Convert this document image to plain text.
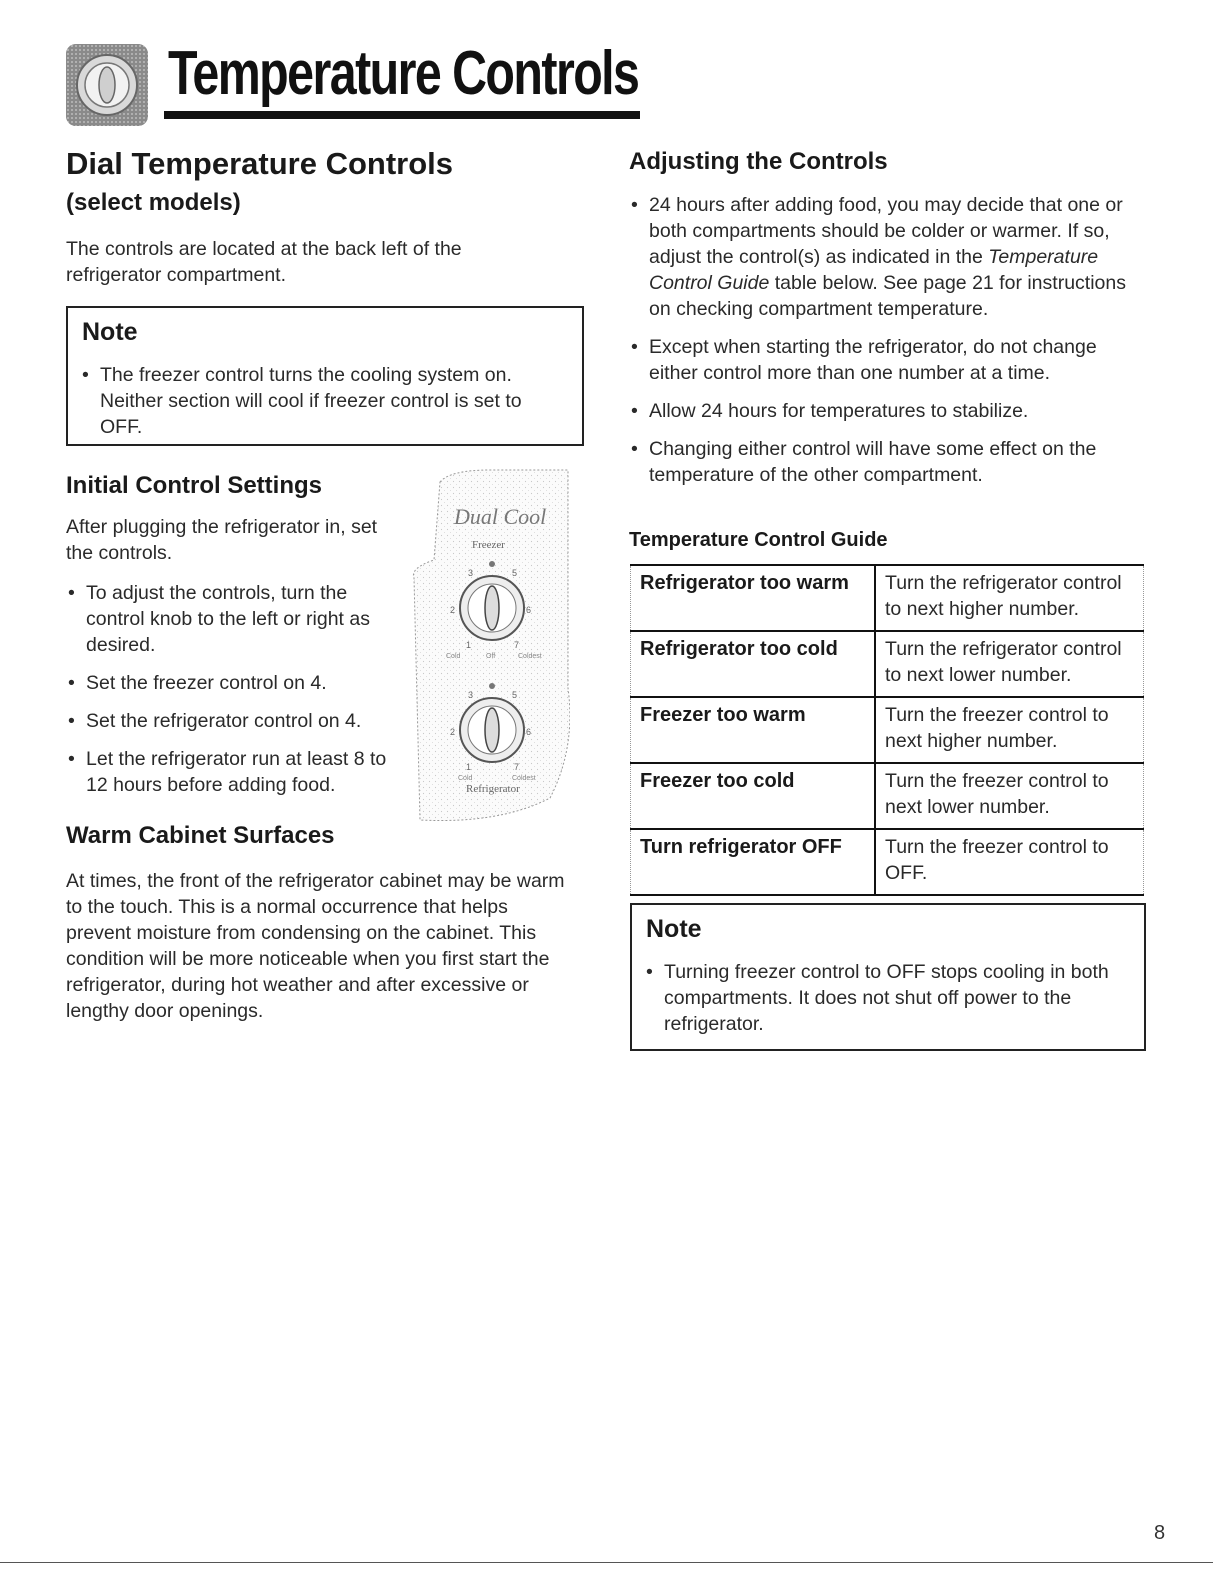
Temperature Controls
Dial Temperature Controls
(select models)
The controls are located at the back left of the refrigerator compartment.
Note
• The freezer control turns the cooling system on. Neither section will cool if freezer control is set to OFF.
Initial Control Settings
After plugging the refrigerator in, set the controls.
• To adjust the controls, turn the control knob to the left or right as desired.
• Set the freezer control on 4.
• Set the refrigerator control on 4.
• Let the refrigerator run at least 8 to 12 hours before adding food.
Dual Cool
Freezer
2	6
3	5
1	7
Cold	Off	Coldest
2	6
3	5
1	7
Cold	Coldest
Refrigerator
Warm Cabinet Surfaces
At times, the front of the refrigerator cabinet may be warm to the touch. This is a normal occurrence that helps prevent moisture from condensing on the cabinet. This condition will be more noticeable when you first start the refrigerator, during hot weather and after excessive or lengthy door openings.
Adjusting the Controls
• 24 hours after adding food, you may decide that one or both compartments should be colder or warmer. If so, adjust the control(s) as indicated in the Temperature Control Guide table below. See page 21 for instructions on checking compartment temperature.
• Except when starting the refrigerator, do not change either control more than one number at a time.
• Allow 24 hours for temperatures to stabilize.
• Changing either control will have some effect on the temperature of the other compartment.
Temperature Control Guide
Refrigerator too warm	Turn the refrigerator control to next higher number.
Refrigerator too cold	Turn the refrigerator control to next lower number.
Freezer too warm	Turn the freezer control to next higher number.
Freezer too cold	Turn the freezer control to next lower number.
Turn refrigerator OFF	Turn the freezer control to OFF.
Note
• Turning freezer control to OFF stops cooling in both compartments. It does not shut off power to the refrigerator.
8
